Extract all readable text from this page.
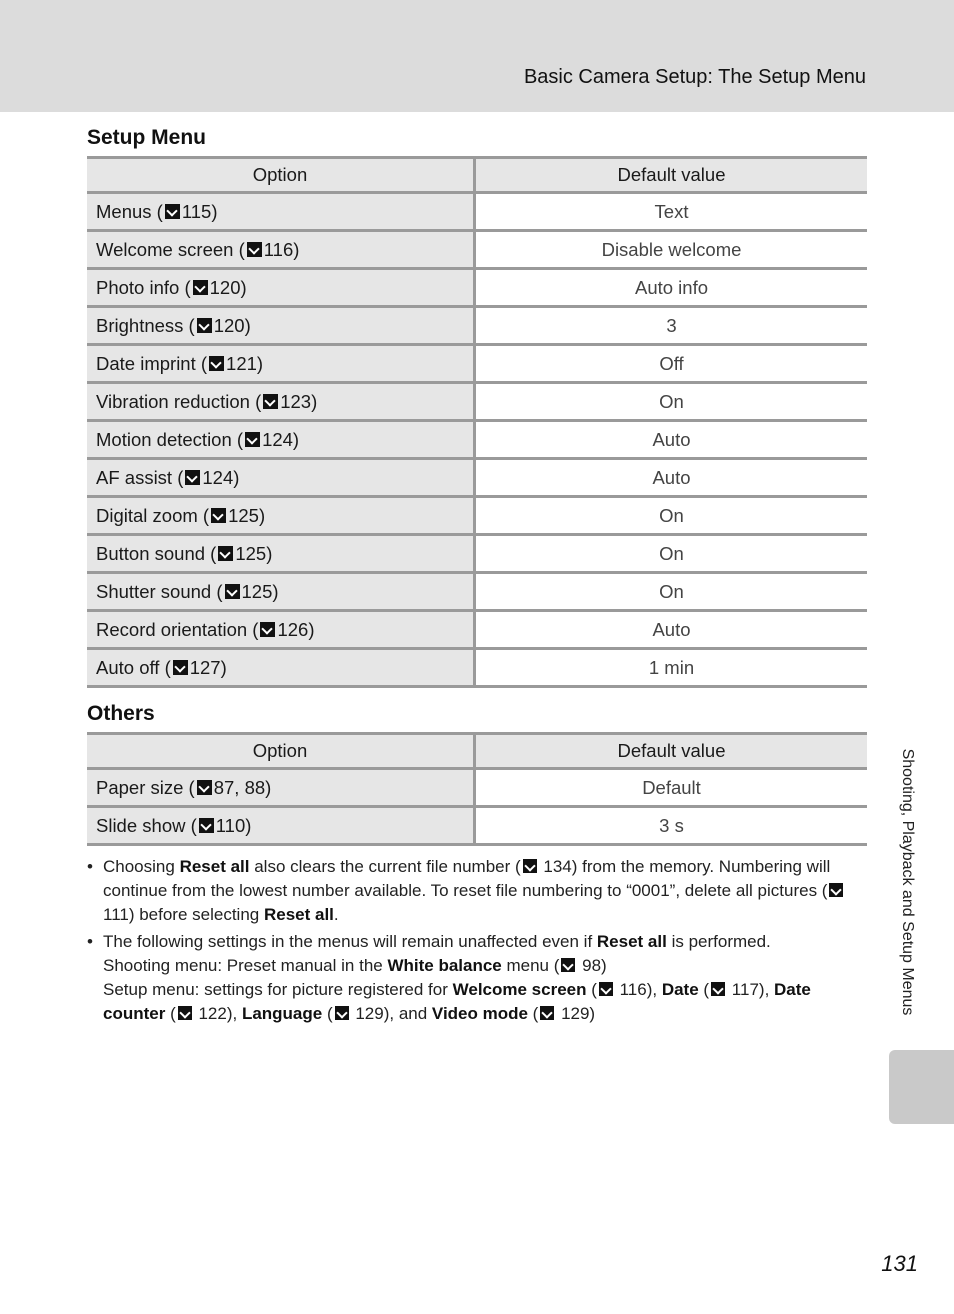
Basic Camera Setup: The Setup Menu
Setup Menu
Option	Default value
Menus ( 115)	Text
Welcome screen ( 116)	Disable welcome
Photo info ( 120)	Auto info
Brightness ( 120)	3
Date imprint ( 121)	Off
Vibration reduction ( 123)	On
Motion detection ( 124)	Auto
AF assist ( 124)	Auto
Digital zoom ( 125)	On
Button sound ( 125)	On
Shutter sound ( 125)	On
Record orientation ( 126)	Auto
Auto off ( 127)	1 min
Others
Option	Default value
Paper size ( 87, 88)	Default
Slide show ( 110)	3 s
• Choosing Reset all also clears the current file number ( 134) from the memory. Numbering will continue from the lowest number available. To reset file numbering to “0001”, delete all pictures ( 111) before selecting Reset all.
• The following settings in the menus will remain unaffected even if Reset all is performed.
Shooting menu: Preset manual in the White balance menu ( 98)
Setup menu: settings for picture registered for Welcome screen ( 116), Date ( 117), Date counter ( 122), Language ( 129), and Video mode ( 129)	Shooting, Playback and Setup Menus
131
